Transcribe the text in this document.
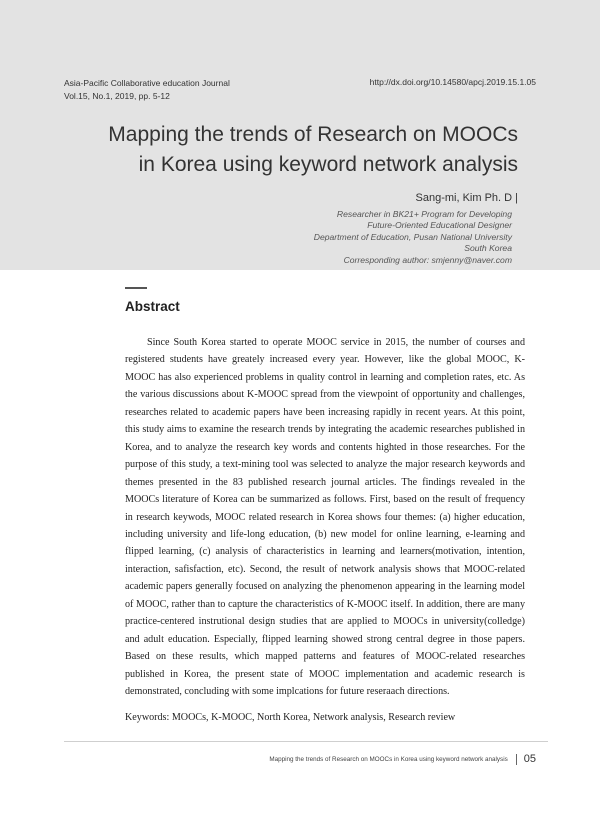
Asia-Pacific Collaborative education Journal
Vol.15, No.1, 2019, pp. 5-12
http://dx.doi.org/10.14580/apcj.2019.15.1.05
Mapping the trends of Research on MOOCs
in Korea using keyword network analysis
Sang-mi, Kim Ph. D |
Researcher in BK21+ Program for Developing
Future-Oriented Educational Designer
Department of Education, Pusan National University
South Korea
Corresponding author: smjenny@naver.com
Abstract
Since South Korea started to operate MOOC service in 2015, the number of courses and registered students have greately increased every year. However, like the global MOOC, K-MOOC has also experienced problems in quality control in learning and completion rates, etc. As the various discussions about K-MOOC spread from the viewpoint of opportunity and challenges, researches related to academic papers have been increasing rapidly in recent years. At this point, this study aims to examine the research trends by integrating the academic researches published in Korea, and to analyze the research key words and contents highted in those researches. For the purpose of this study, a text-mining tool was selected to analyze the major research keywords and themes presented in the 83 published research journal articles. The findings revealed in the MOOCs literature of Korea can be summarized as follows. First, based on the result of frequency in research keywods, MOOC related research in Korea shows four themes: (a) higher education, including university and life-long education, (b) new model for online learning, e-learning and flipped learning, (c) analysis of characteristics in learning and learners(motivation, intention, interaction, safisfaction, etc). Second, the result of network analysis shows that MOOC-related academic papers generally focused on analyzing the phenomenon appearing in the learning model of MOOC, rather than to capture the characteristics of K-MOOC itself. In addition, there are many practice-centered instrutional design studies that are applied to MOOCs in university(colledge) and adult education. Especially, flipped learning showed strong central degree in those papers. Based on these results, which mapped patterns and features of MOOC-related researches published in Korea, the present state of MOOC implementation and academic research is demonstrated, concluding with some implcations for future reseraach directions.
Keywords: MOOCs, K-MOOC, North Korea, Network analysis, Research review
Mapping the trends of Research on MOOCs in Korea using keyword network analysis 05
